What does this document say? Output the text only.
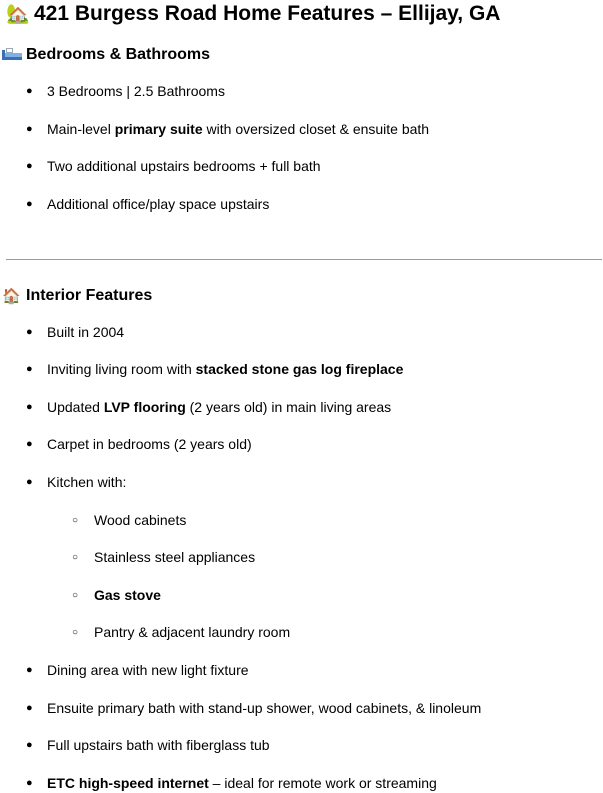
🏡 421 Burgess Road Home Features – Ellijay, GA
Bedrooms & Bathrooms
●	3 Bedrooms | 2.5 Bathrooms
●	Main-level primary suite with oversized closet & ensuite bath
●	Two additional upstairs bedrooms + full bath
●	Additional office/play space upstairs
🏠 Interior Features
●	Built in 2004
●	Inviting living room with stacked stone gas log fireplace
●	Updated LVP flooring (2 years old) in main living areas
●	Carpet in bedrooms (2 years old)
●	Kitchen with:
○	Wood cabinets
○	Stainless steel appliances
○	Gas stove
○	Pantry & adjacent laundry room
●	Dining area with new light fixture
●	Ensuite primary bath with stand-up shower, wood cabinets, & linoleum
●	Full upstairs bath with fiberglass tub
●	ETC high-speed internet – ideal for remote work or streaming
